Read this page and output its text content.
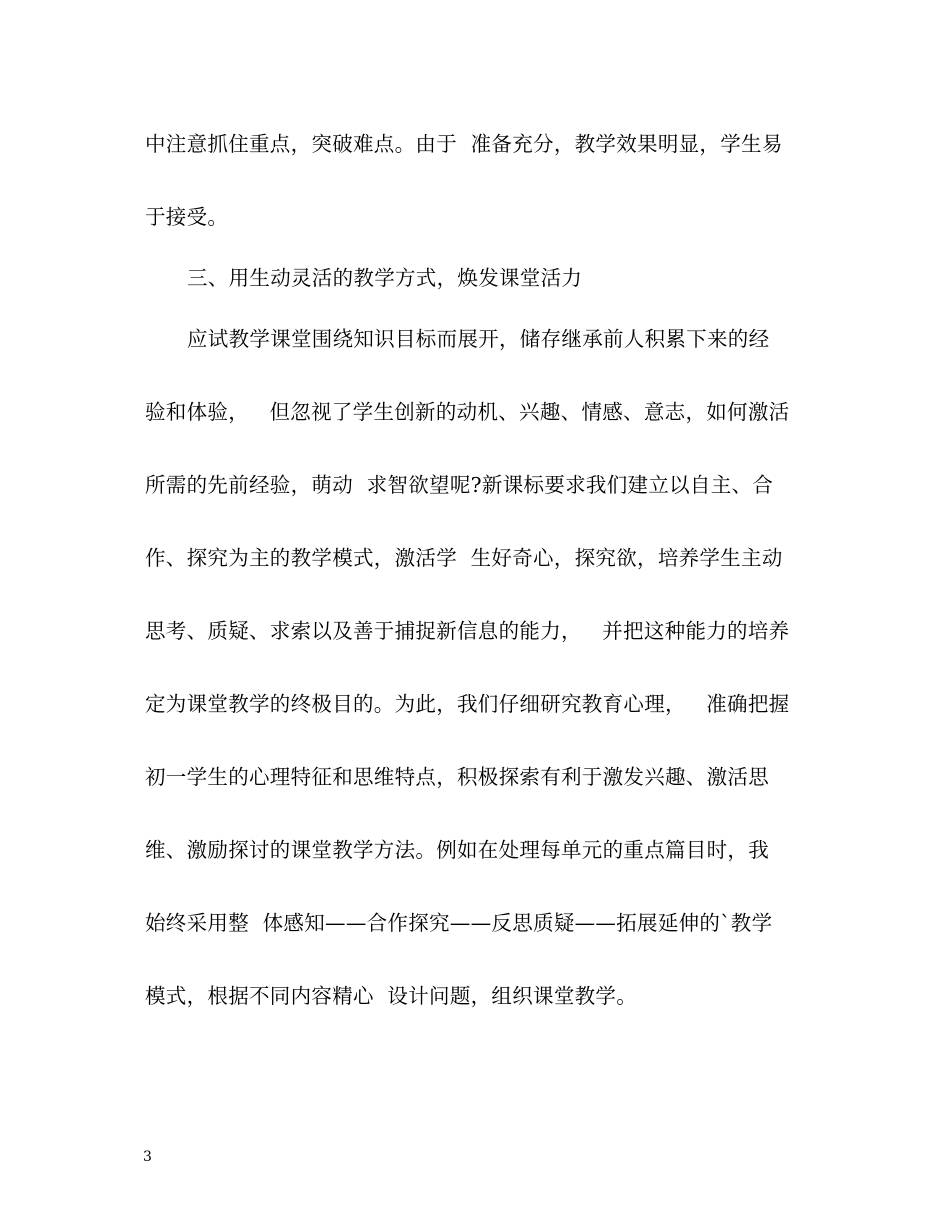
中注意抓住重点，突破难点。由于  准备充分，教学效果明显，学生易
于接受。
三、用生动灵活的教学方式，焕发课堂活力
应试教学课堂围绕知识目标而展开，储存继承前人积累下来的经
验和体验，   但忽视了学生创新的动机、兴趣、情感、意志，如何激活
所需的先前经验，萌动  求智欲望呢?新课标要求我们建立以自主、合
作、探究为主的教学模式，激活学  生好奇心，探究欲，培养学生主动
思考、质疑、求索以及善于捕捉新信息的能力，   并把这种能力的培养
定为课堂教学的终极目的。为此，我们仔细研究教育心理，   准确把握
初一学生的心理特征和思维特点，积极探索有利于激发兴趣、激活思
维、激励探讨的课堂教学方法。例如在处理每单元的重点篇目时，我
始终采用整  体感知——合作探究——反思质疑——拓展延伸的`教学
模式，根据不同内容精心  设计问题，组织课堂教学。
3
